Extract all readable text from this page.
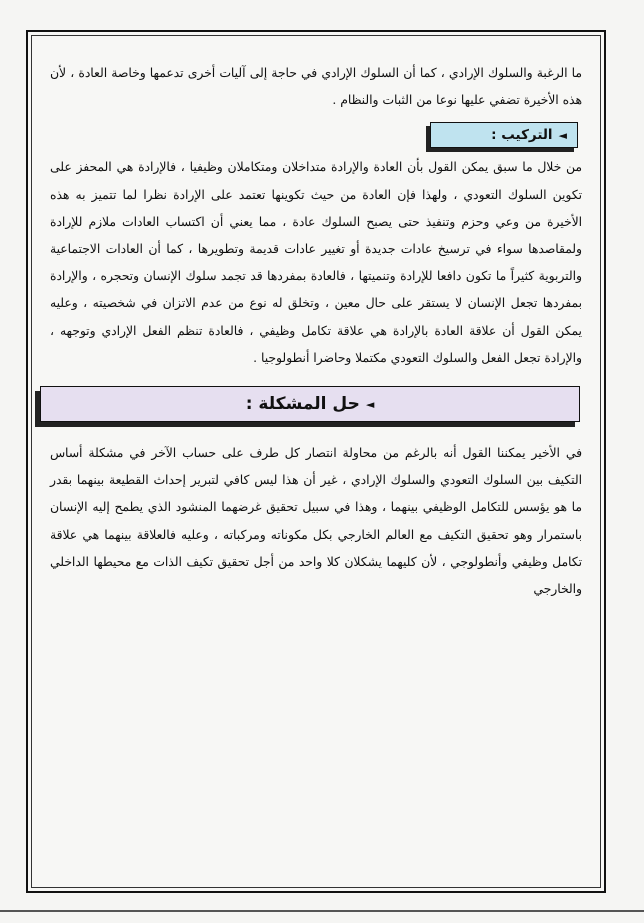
ما الرغبة والسلوك الإرادي ، كما أن السلوك الإرادي في حاجة إلى آليات أخرى تدعمها وخاصة العادة ، لأن هذه الأخيرة تضفي عليها نوعا من الثبات والنظام .

◄
التركيب :

من خلال ما سبق يمكن القول بأن العادة والإرادة متداخلان ومتكاملان وظيفيا ، فالإرادة هي المحفز على تكوين السلوك التعودي ، ولهذا فإن العادة من حيث تكوينها تعتمد على الإرادة نظرا لما تتميز به هذه الأخيرة من وعي وحزم وتنفيذ حتى يصبح السلوك عادة ، مما يعني أن اكتساب العادات ملازم للإرادة ولمقاصدها سواء في ترسيخ عادات جديدة أو تغيير عادات قديمة وتطويرها ، كما أن العادات الاجتماعية والتربوية كثيراً ما تكون دافعا للإرادة وتنميتها ، فالعادة بمفردها قد تجمد سلوك الإنسان وتحجره ، والإرادة بمفردها تجعل الإنسان لا يستقر على حال معين ، وتخلق له نوع من عدم الاتزان في شخصيته ، وعليه يمكن القول أن علاقة العادة بالإرادة هي علاقة تكامل وظيفي ، فالعادة تنظم الفعل الإرادي وتوجهه ، والإرادة تجعل الفعل والسلوك التعودي مكتملا وحاضرا أنطولوجيا .

◄
حل المشكلة :

في الأخير يمكننا القول أنه بالرغم من محاولة انتصار كل طرف على حساب الآخر في مشكلة أساس التكيف بين السلوك التعودي والسلوك الإرادي ، غير أن هذا ليس كافي لتبرير إحداث القطيعة بينهما بقدر ما هو يؤسس للتكامل الوظيفي بينهما ، وهذا في سبيل تحقيق غرضهما المنشود الذي يطمح إليه الإنسان باستمرار وهو تحقيق التكيف مع العالم الخارجي بكل مكوناته ومركباته ، وعليه فالعلاقة بينهما هي علاقة تكامل وظيفي وأنطولوجي ، لأن كليهما يشكلان كلا واحد من أجل تحقيق تكيف الذات مع محيطها الداخلي والخارجي
